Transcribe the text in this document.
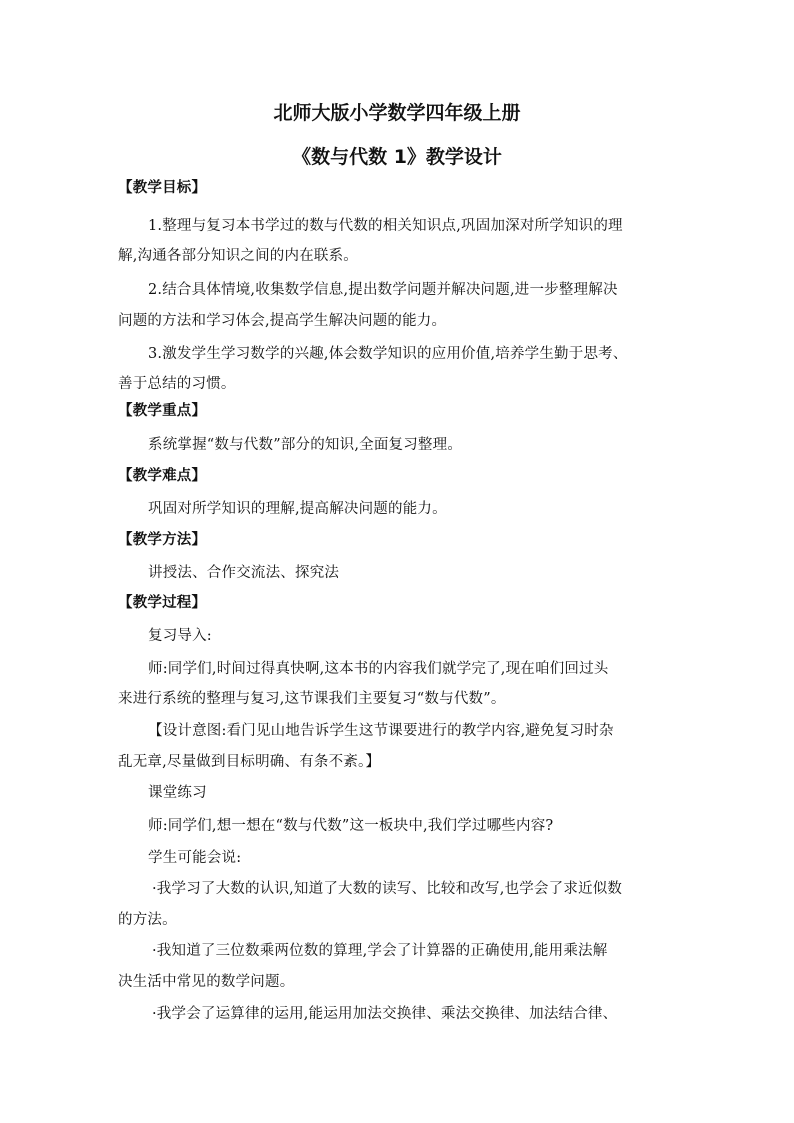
北师大版小学数学四年级上册
《数与代数 1》教学设计
【教学目标】
1.整理与复习本书学过的数与代数的相关知识点,巩固加深对所学知识的理
解,沟通各部分知识之间的内在联系。
2.结合具体情境,收集数学信息,提出数学问题并解决问题,进一步整理解决
问题的方法和学习体会,提高学生解决问题的能力。
3.激发学生学习数学的兴趣,体会数学知识的应用价值,培养学生勤于思考、
善于总结的习惯。
【教学重点】
系统掌握“数与代数”部分的知识,全面复习整理。
【教学难点】
巩固对所学知识的理解,提高解决问题的能力。
【教学方法】
讲授法、合作交流法、探究法
【教学过程】
复习导入:
师:同学们,时间过得真快啊,这本书的内容我们就学完了,现在咱们回过头
来进行系统的整理与复习,这节课我们主要复习“数与代数”。
【设计意图:看门见山地告诉学生这节课要进行的教学内容,避免复习时杂
乱无章,尽量做到目标明确、有条不紊。】
课堂练习
师:同学们,想一想在“数与代数”这一板块中,我们学过哪些内容?
学生可能会说:
·我学习了大数的认识,知道了大数的读写、比较和改写,也学会了求近似数
的方法。
·我知道了三位数乘两位数的算理,学会了计算器的正确使用,能用乘法解
决生活中常见的数学问题。
·我学会了运算律的运用,能运用加法交换律、乘法交换律、加法结合律、
